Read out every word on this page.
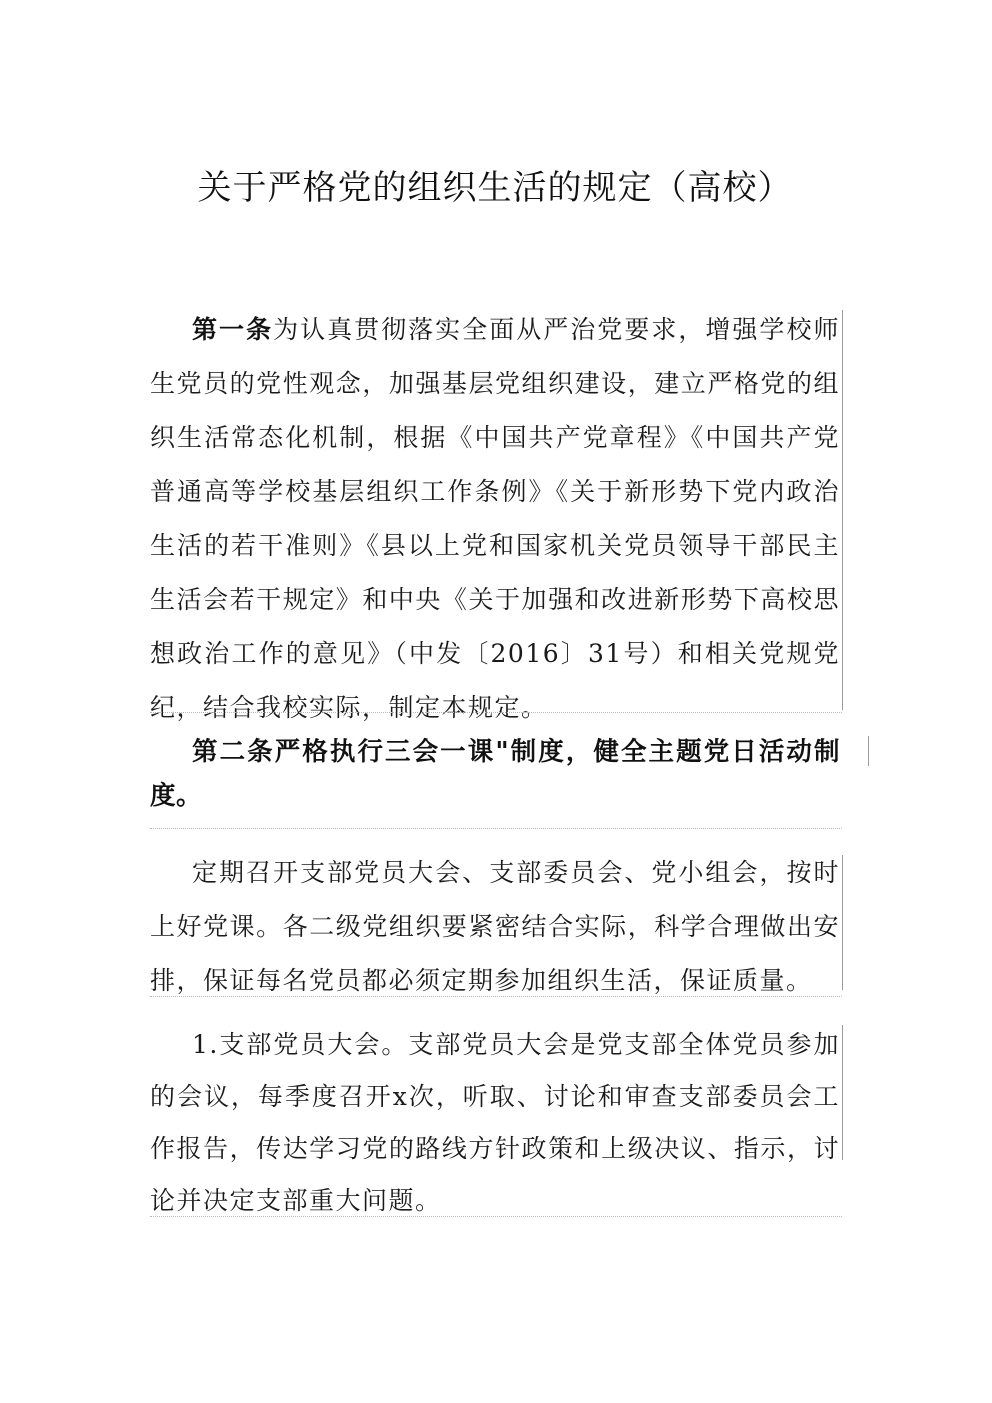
关于严格党的组织生活的规定（高校）

第一条为认真贯彻落实全面从严治党要求，增强学校师生党员的党性观念，加强基层党组织建设，建立严格党的组织生活常态化机制，根据《中国共产党章程》《中国共产党普通高等学校基层组织工作条例》《关于新形势下党内政治生活的若干准则》《县以上党和国家机关党员领导干部民主生活会若干规定》和中央《关于加强和改进新形势下高校思想政治工作的意见》（中发〔2016〕31号）和相关党规党纪，结合我校实际，制定本规定。

第二条严格执行三会一课"制度，健全主题党日活动制度。

定期召开支部党员大会、支部委员会、党小组会，按时上好党课。各二级党组织要紧密结合实际，科学合理做出安排，保证每名党员都必须定期参加组织生活，保证质量。

1.支部党员大会。支部党员大会是党支部全体党员参加的会议，每季度召开x次，听取、讨论和审查支部委员会工作报告，传达学习党的路线方针政策和上级决议、指示，讨论并决定支部重大问题。
